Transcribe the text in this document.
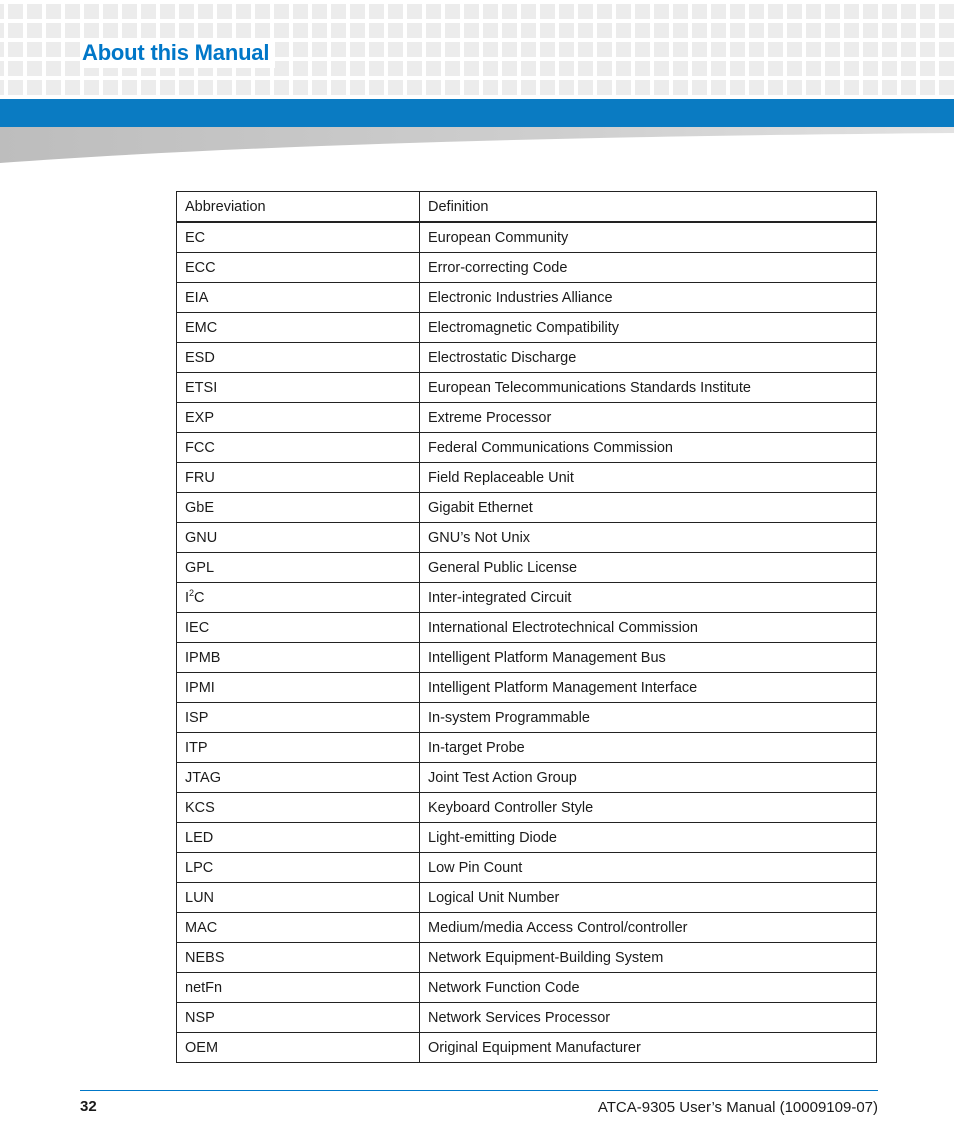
About this Manual
Abbreviation	Definition
EC	European Community
ECC	Error-correcting Code
EIA	Electronic Industries Alliance
EMC	Electromagnetic Compatibility
ESD	Electrostatic Discharge
ETSI	European Telecommunications Standards Institute
EXP	Extreme Processor
FCC	Federal Communications Commission
FRU	Field Replaceable Unit
GbE	Gigabit Ethernet
GNU	GNU’s Not Unix
GPL	General Public License
$I^2C$	Inter-integrated Circuit
IEC	International Electrotechnical Commission
IPMB	Intelligent Platform Management Bus
IPMI	Intelligent Platform Management Interface
ISP	In-system Programmable
ITP	In-target Probe
JTAG	Joint Test Action Group
KCS	Keyboard Controller Style
LED	Light-emitting Diode
LPC	Low Pin Count
LUN	Logical Unit Number
MAC	Medium/media Access Control/controller
NEBS	Network Equipment-Building System
netFn	Network Function Code
NSP	Network Services Processor
OEM	Original Equipment Manufacturer
32	ATCA-9305 User’s Manual (10009109-07)
